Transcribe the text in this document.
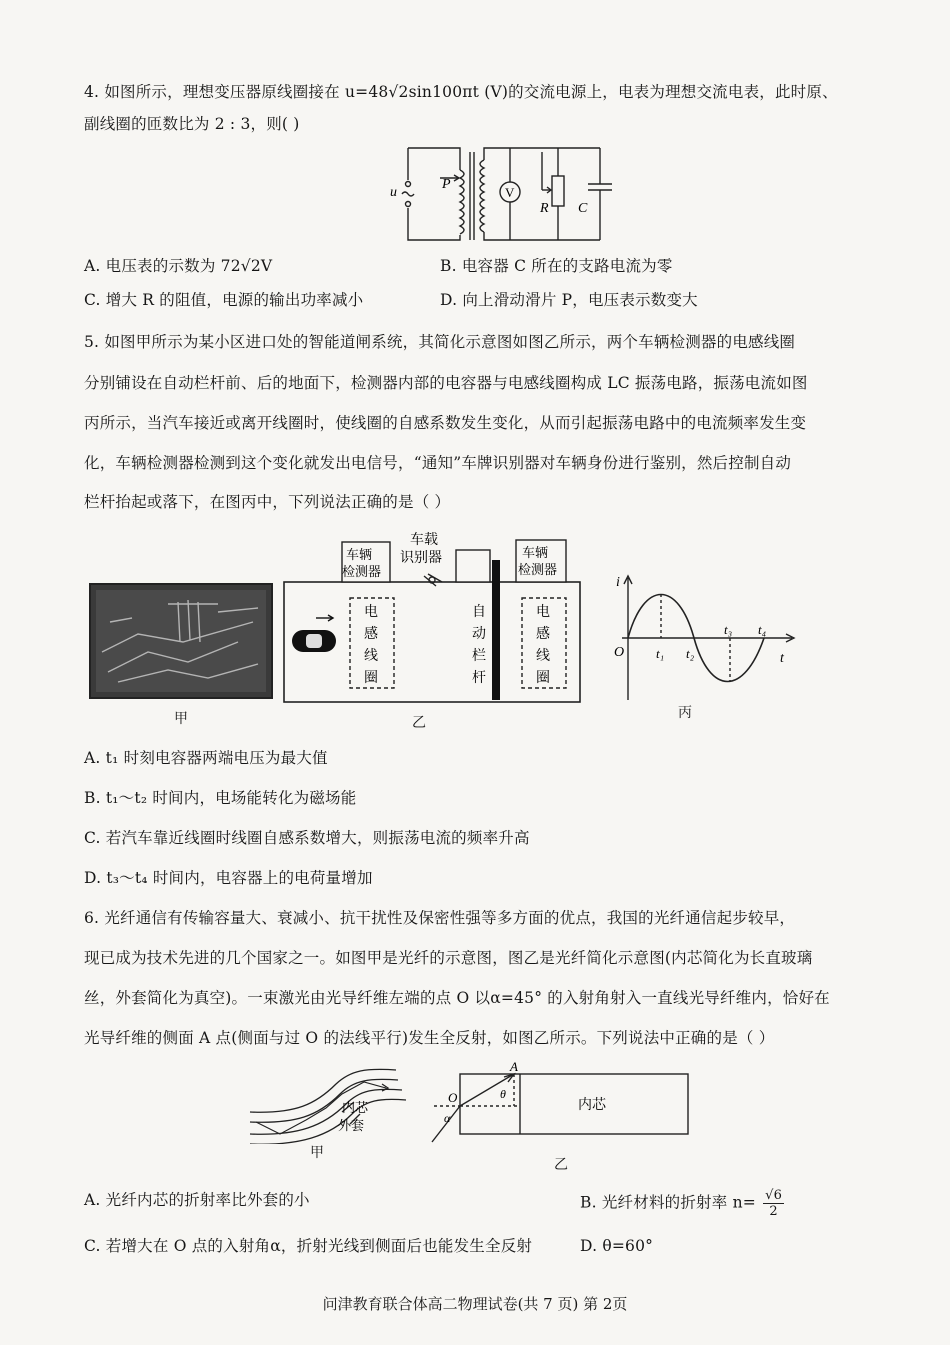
4. 如图所示，理想变压器原线圈接在 u=48√2sin100πt (V)的交流电源上，电表为理想交流电表，此时原、
副线圈的匝数比为 2 : 3，则( )
u
P
V
R C
A. 电压表的示数为 72√2V	B. 电容器 C 所在的支路电流为零
C. 增大 R 的阻值，电源的输出功率减小	D. 向上滑动滑片 P，电压表示数变大
5. 如图甲所示为某小区进口处的智能道闸系统，其简化示意图如图乙所示，两个车辆检测器的电感线圈
分别铺设在自动栏杆前、后的地面下，检测器内部的电容器与电感线圈构成 LC 振荡电路，振荡电流如图
丙所示，当汽车接近或离开线圈时，使线圈的自感系数发生变化，从而引起振荡电路中的电流频率发生变
化，车辆检测器检测到这个变化就发出电信号，“通知”车牌识别器对车辆身份进行鉴别，然后控制自动
栏杆抬起或落下，在图丙中，下列说法正确的是（ ）
甲
车辆
检测器
车载
识别器	车辆
检测器
电
感
线
圈
自
动
栏
杆
电
感
线
圈
乙
i
O	t
t₁ t₂
t₃ t₄
丙
A. t₁ 时刻电容器两端电压为最大值
B. t₁～t₂ 时间内，电场能转化为磁场能
C. 若汽车靠近线圈时线圈自感系数增大，则振荡电流的频率升高
D. t₃～t₄ 时间内，电容器上的电荷量增加
6. 光纤通信有传输容量大、衰减小、抗干扰性及保密性强等多方面的优点，我国的光纤通信起步较早，
现已成为技术先进的几个国家之一。如图甲是光纤的示意图，图乙是光纤简化示意图(内芯简化为长直玻璃
丝，外套简化为真空)。一束激光由光导纤维左端的点 O 以α=45° 的入射角射入一直线光导纤维内，恰好在
光导纤维的侧面 A 点(侧面与过 O 的法线平行)发生全反射，如图乙所示。下列说法中正确的是（ ）
内芯
外套
甲
A
O	θ
α
内芯
乙
A. 光纤内芯的折射率比外套的小	B. 光纤材料的折射率 $n= \frac{√6}{2}$
C. 若增大在 O 点的入射角α，折射光线到侧面后也能发生全反射	D. θ=60°
问津教育联合体高二物理试卷(共 7 页) 第 2页
